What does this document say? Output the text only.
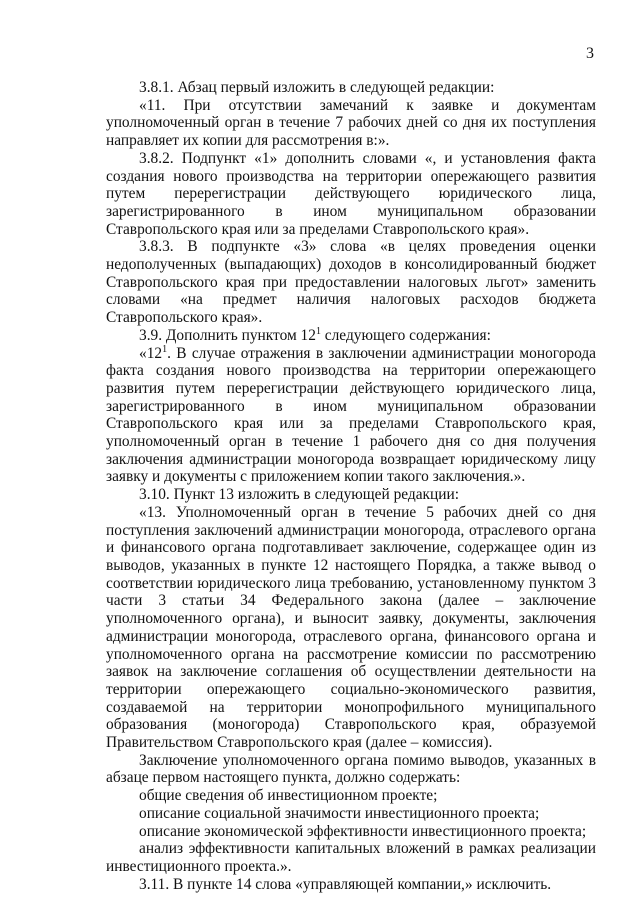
3

3.8.1. Абзац первый изложить в следующей редакции:

«11. При отсутствии замечаний к заявке и документам уполномоченный орган в течение 7 рабочих дней со дня их поступления направляет их копии для рассмотрения в:».

3.8.2. Подпункт «1» дополнить словами «, и установления факта создания нового производства на территории опережающего развития путем перерегистрации действующего юридического лица, зарегистрированного в ином муниципальном образовании Ставропольского края или за пределами Ставропольского края».

3.8.3. В подпункте «3» слова «в целях проведения оценки недополученных (выпадающих) доходов в консолидированный бюджет Ставропольского края при предоставлении налоговых льгот» заменить словами «на предмет наличия налоговых расходов бюджета Ставропольского края».

3.9. Дополнить пунктом $12^1$ следующего содержания:

«$12^1$. В случае отражения в заключении администрации моногорода факта создания нового производства на территории опережающего развития путем перерегистрации действующего юридического лица, зарегистрированного в ином муниципальном образовании Ставропольского края или за пределами Ставропольского края, уполномоченный орган в течение 1 рабочего дня со дня получения заключения администрации моногорода возвращает юридическому лицу заявку и документы с приложением копии такого заключения.».

3.10. Пункт 13 изложить в следующей редакции:

«13. Уполномоченный орган в течение 5 рабочих дней со дня поступления заключений администрации моногорода, отраслевого органа и финансового органа подготавливает заключение, содержащее один из выводов, указанных в пункте 12 настоящего Порядка, а также вывод о соответствии юридического лица требованию, установленному пунктом 3 части 3 статьи 34 Федерального закона (далее – заключение уполномоченного органа), и выносит заявку, документы, заключения администрации моногорода, отраслевого органа, финансового органа и уполномоченного органа на рассмотрение комиссии по рассмотрению заявок на заключение соглашения об осуществлении деятельности на территории опережающего социально-экономического развития, создаваемой на территории монопрофильного муниципального образования (моногорода) Ставропольского края, образуемой Правительством Ставропольского края (далее – комиссия).

Заключение уполномоченного органа помимо выводов, указанных в абзаце первом настоящего пункта, должно содержать:

общие сведения об инвестиционном проекте;

описание социальной значимости инвестиционного проекта;

описание экономической эффективности инвестиционного проекта;

анализ эффективности капитальных вложений в рамках реализации инвестиционного проекта.».

3.11. В пункте 14 слова «управляющей компании,» исключить.
